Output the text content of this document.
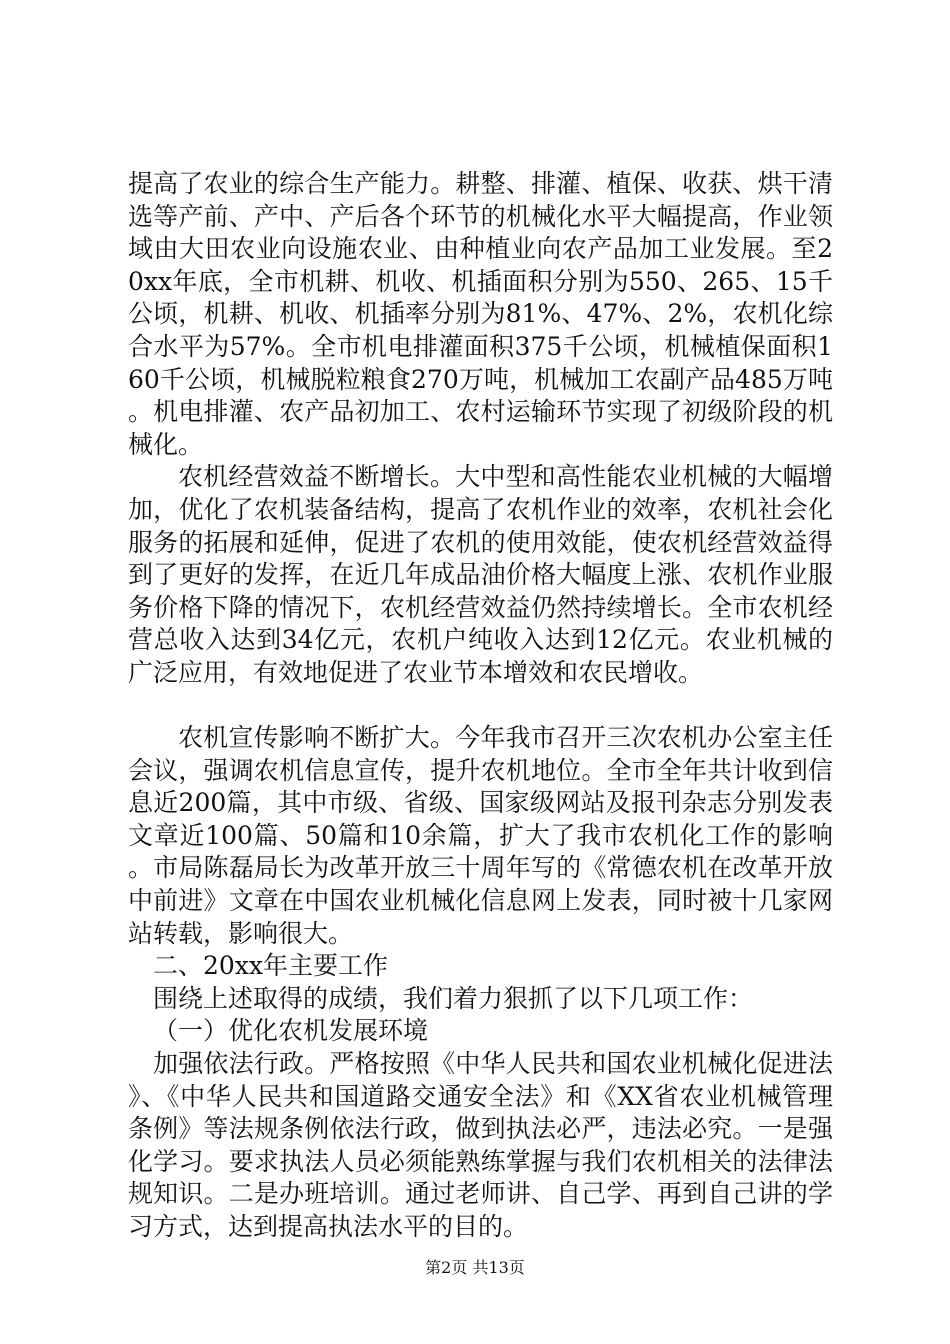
提高了农业的综合生产能力。耕整、排灌、植保、收获、烘干清选等产前、产中、产后各个环节的机械化水平大幅提高，作业领域由大田农业向设施农业、由种植业向农产品加工业发展。至20xx年底，全市机耕、机收、机插面积分别为550、265、15千公顷，机耕、机收、机插率分别为81%、47%、2%，农机化综合水平为57%。全市机电排灌面积375千公顷，机械植保面积160千公顷，机械脱粒粮食270万吨，机械加工农副产品485万吨。机电排灌、农产品初加工、农村运输环节实现了初级阶段的机械化。

农机经营效益不断增长。大中型和高性能农业机械的大幅增加，优化了农机装备结构，提高了农机作业的效率，农机社会化服务的拓展和延伸，促进了农机的使用效能，使农机经营效益得到了更好的发挥，在近几年成品油价格大幅度上涨、农机作业服务价格下降的情况下，农机经营效益仍然持续增长。全市农机经营总收入达到34亿元，农机户纯收入达到12亿元。农业机械的广泛应用，有效地促进了农业节本增效和农民增收。

农机宣传影响不断扩大。今年我市召开三次农机办公室主任会议，强调农机信息宣传，提升农机地位。全市全年共计收到信息近200篇，其中市级、省级、国家级网站及报刊杂志分别发表文章近100篇、50篇和10余篇，扩大了我市农机化工作的影响。市局陈磊局长为改革开放三十周年写的《常德农机在改革开放中前进》文章在中国农业机械化信息网上发表，同时被十几家网站转载，影响很大。

二、20xx年主要工作

围绕上述取得的成绩，我们着力狠抓了以下几项工作：

（一）优化农机发展环境

加强依法行政。严格按照《中华人民共和国农业机械化促进法》、《中华人民共和国道路交通安全法》和《XX省农业机械管理条例》等法规条例依法行政，做到执法必严，违法必究。一是强化学习。要求执法人员必须能熟练掌握与我们农机相关的法律法规知识。二是办班培训。通过老师讲、自己学、再到自己讲的学习方式，达到提高执法水平的目的。

第2页 共13页
